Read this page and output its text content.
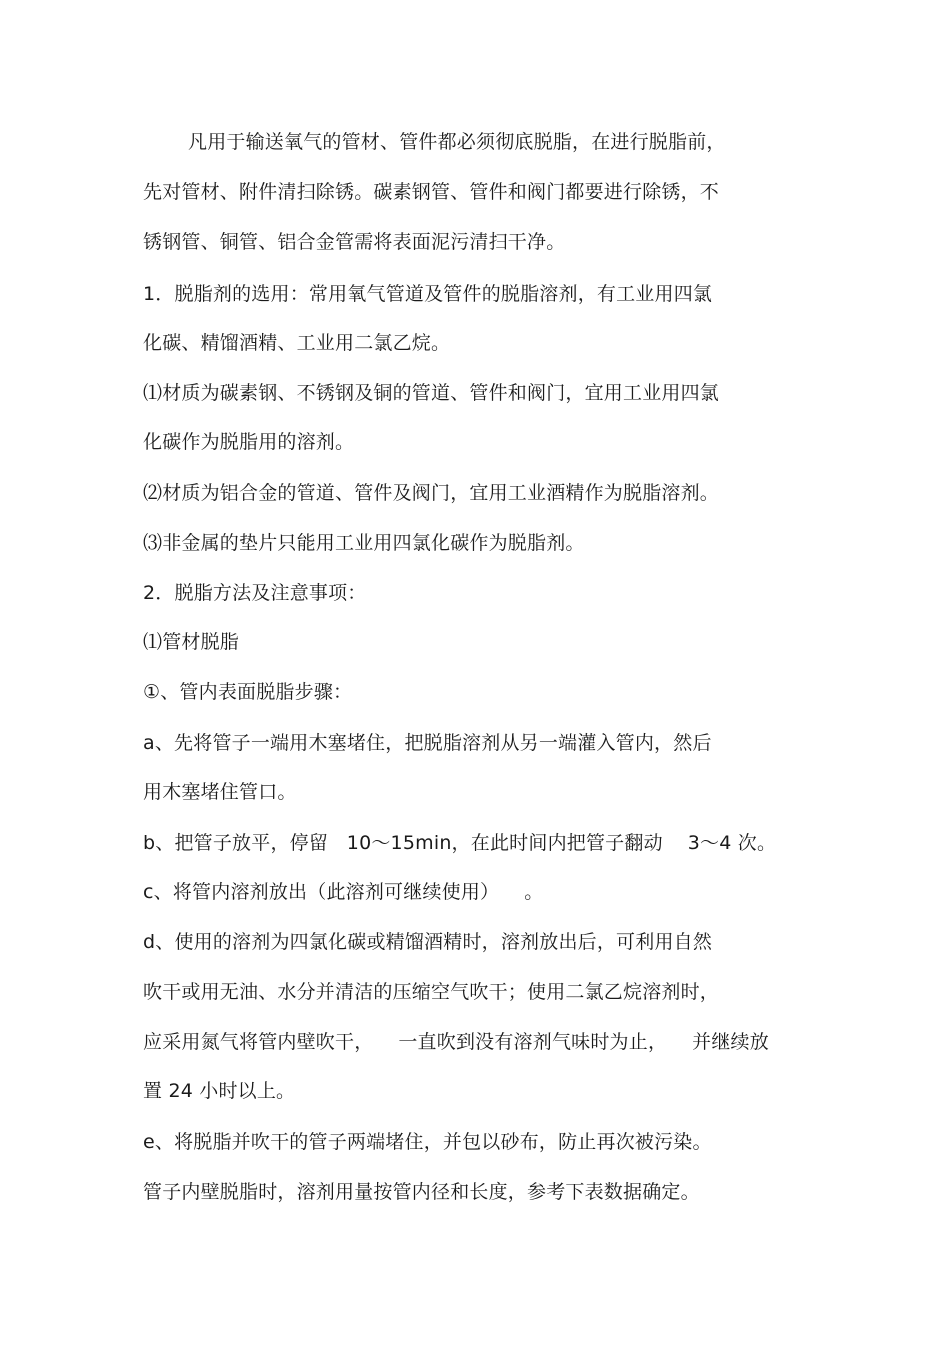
凡用于输送氧气的管材、管件都必须彻底脱脂，在进行脱脂前，
先对管材、附件清扫除锈。碳素钢管、管件和阀门都要进行除锈，不
锈钢管、铜管、铝合金管需将表面泥污清扫干净。
1．脱脂剂的选用：常用氧气管道及管件的脱脂溶剂，有工业用四氯
化碳、精馏酒精、工业用二氯乙烷。
⑴材质为碳素钢、不锈钢及铜的管道、管件和阀门，宜用工业用四氯
化碳作为脱脂用的溶剂。
⑵材质为铝合金的管道、管件及阀门，宜用工业酒精作为脱脂溶剂。
⑶非金属的垫片只能用工业用四氯化碳作为脱脂剂。
2．脱脂方法及注意事项：
⑴管材脱脂
①、管内表面脱脂步骤：
a、先将管子一端用木塞堵住，把脱脂溶剂从另一端灌入管内，然后
用木塞堵住管口。
b、把管子放平，停留   10～15min，在此时间内把管子翻动    3～4 次。
c、将管内溶剂放出（此溶剂可继续使用）    。
d、使用的溶剂为四氯化碳或精馏酒精时，溶剂放出后，可利用自然
吹干或用无油、水分并清洁的压缩空气吹干；使用二氯乙烷溶剂时，
应采用氮气将管内壁吹干，    一直吹到没有溶剂气味时为止，    并继续放
置 24 小时以上。
e、将脱脂并吹干的管子两端堵住，并包以砂布，防止再次被污染。
管子内壁脱脂时，溶剂用量按管内径和长度，参考下表数据确定。
